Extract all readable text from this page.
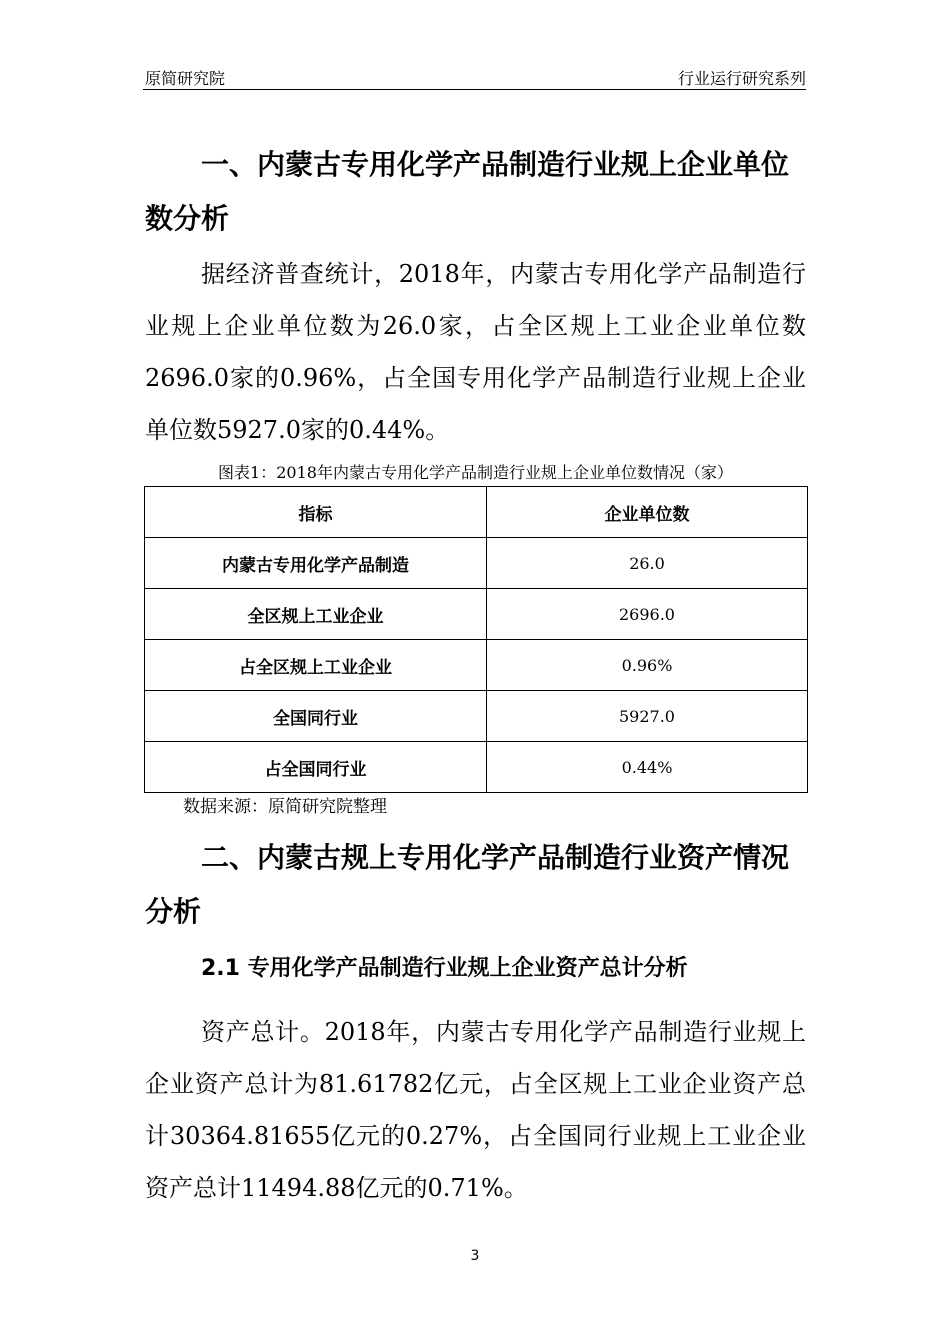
原简研究院	行业运行研究系列
一、内蒙古专用化学产品制造行业规上企业单位数分析

据经济普查统计，2018年，内蒙古专用化学产品制造行业规上企业单位数为26.0家，占全区规上工业企业单位数2696.0家的0.96%，占全国专用化学产品制造行业规上企业单位数5927.0家的0.44%。

图表1：2018年内蒙古专用化学产品制造行业规上企业单位数情况（家）
指标	企业单位数
内蒙古专用化学产品制造	26.0
全区规上工业企业	2696.0
占全区规上工业企业	0.96%
全国同行业	5927.0
占全国同行业	0.44%
数据来源：原简研究院整理
二、内蒙古规上专用化学产品制造行业资产情况分析
2.1 专用化学产品制造行业规上企业资产总计分析

资产总计。2018年，内蒙古专用化学产品制造行业规上企业资产总计为81.61782亿元，占全区规上工业企业资产总计30364.81655亿元的0.27%，占全国同行业规上工业企业资产总计11494.88亿元的0.71%。

3
